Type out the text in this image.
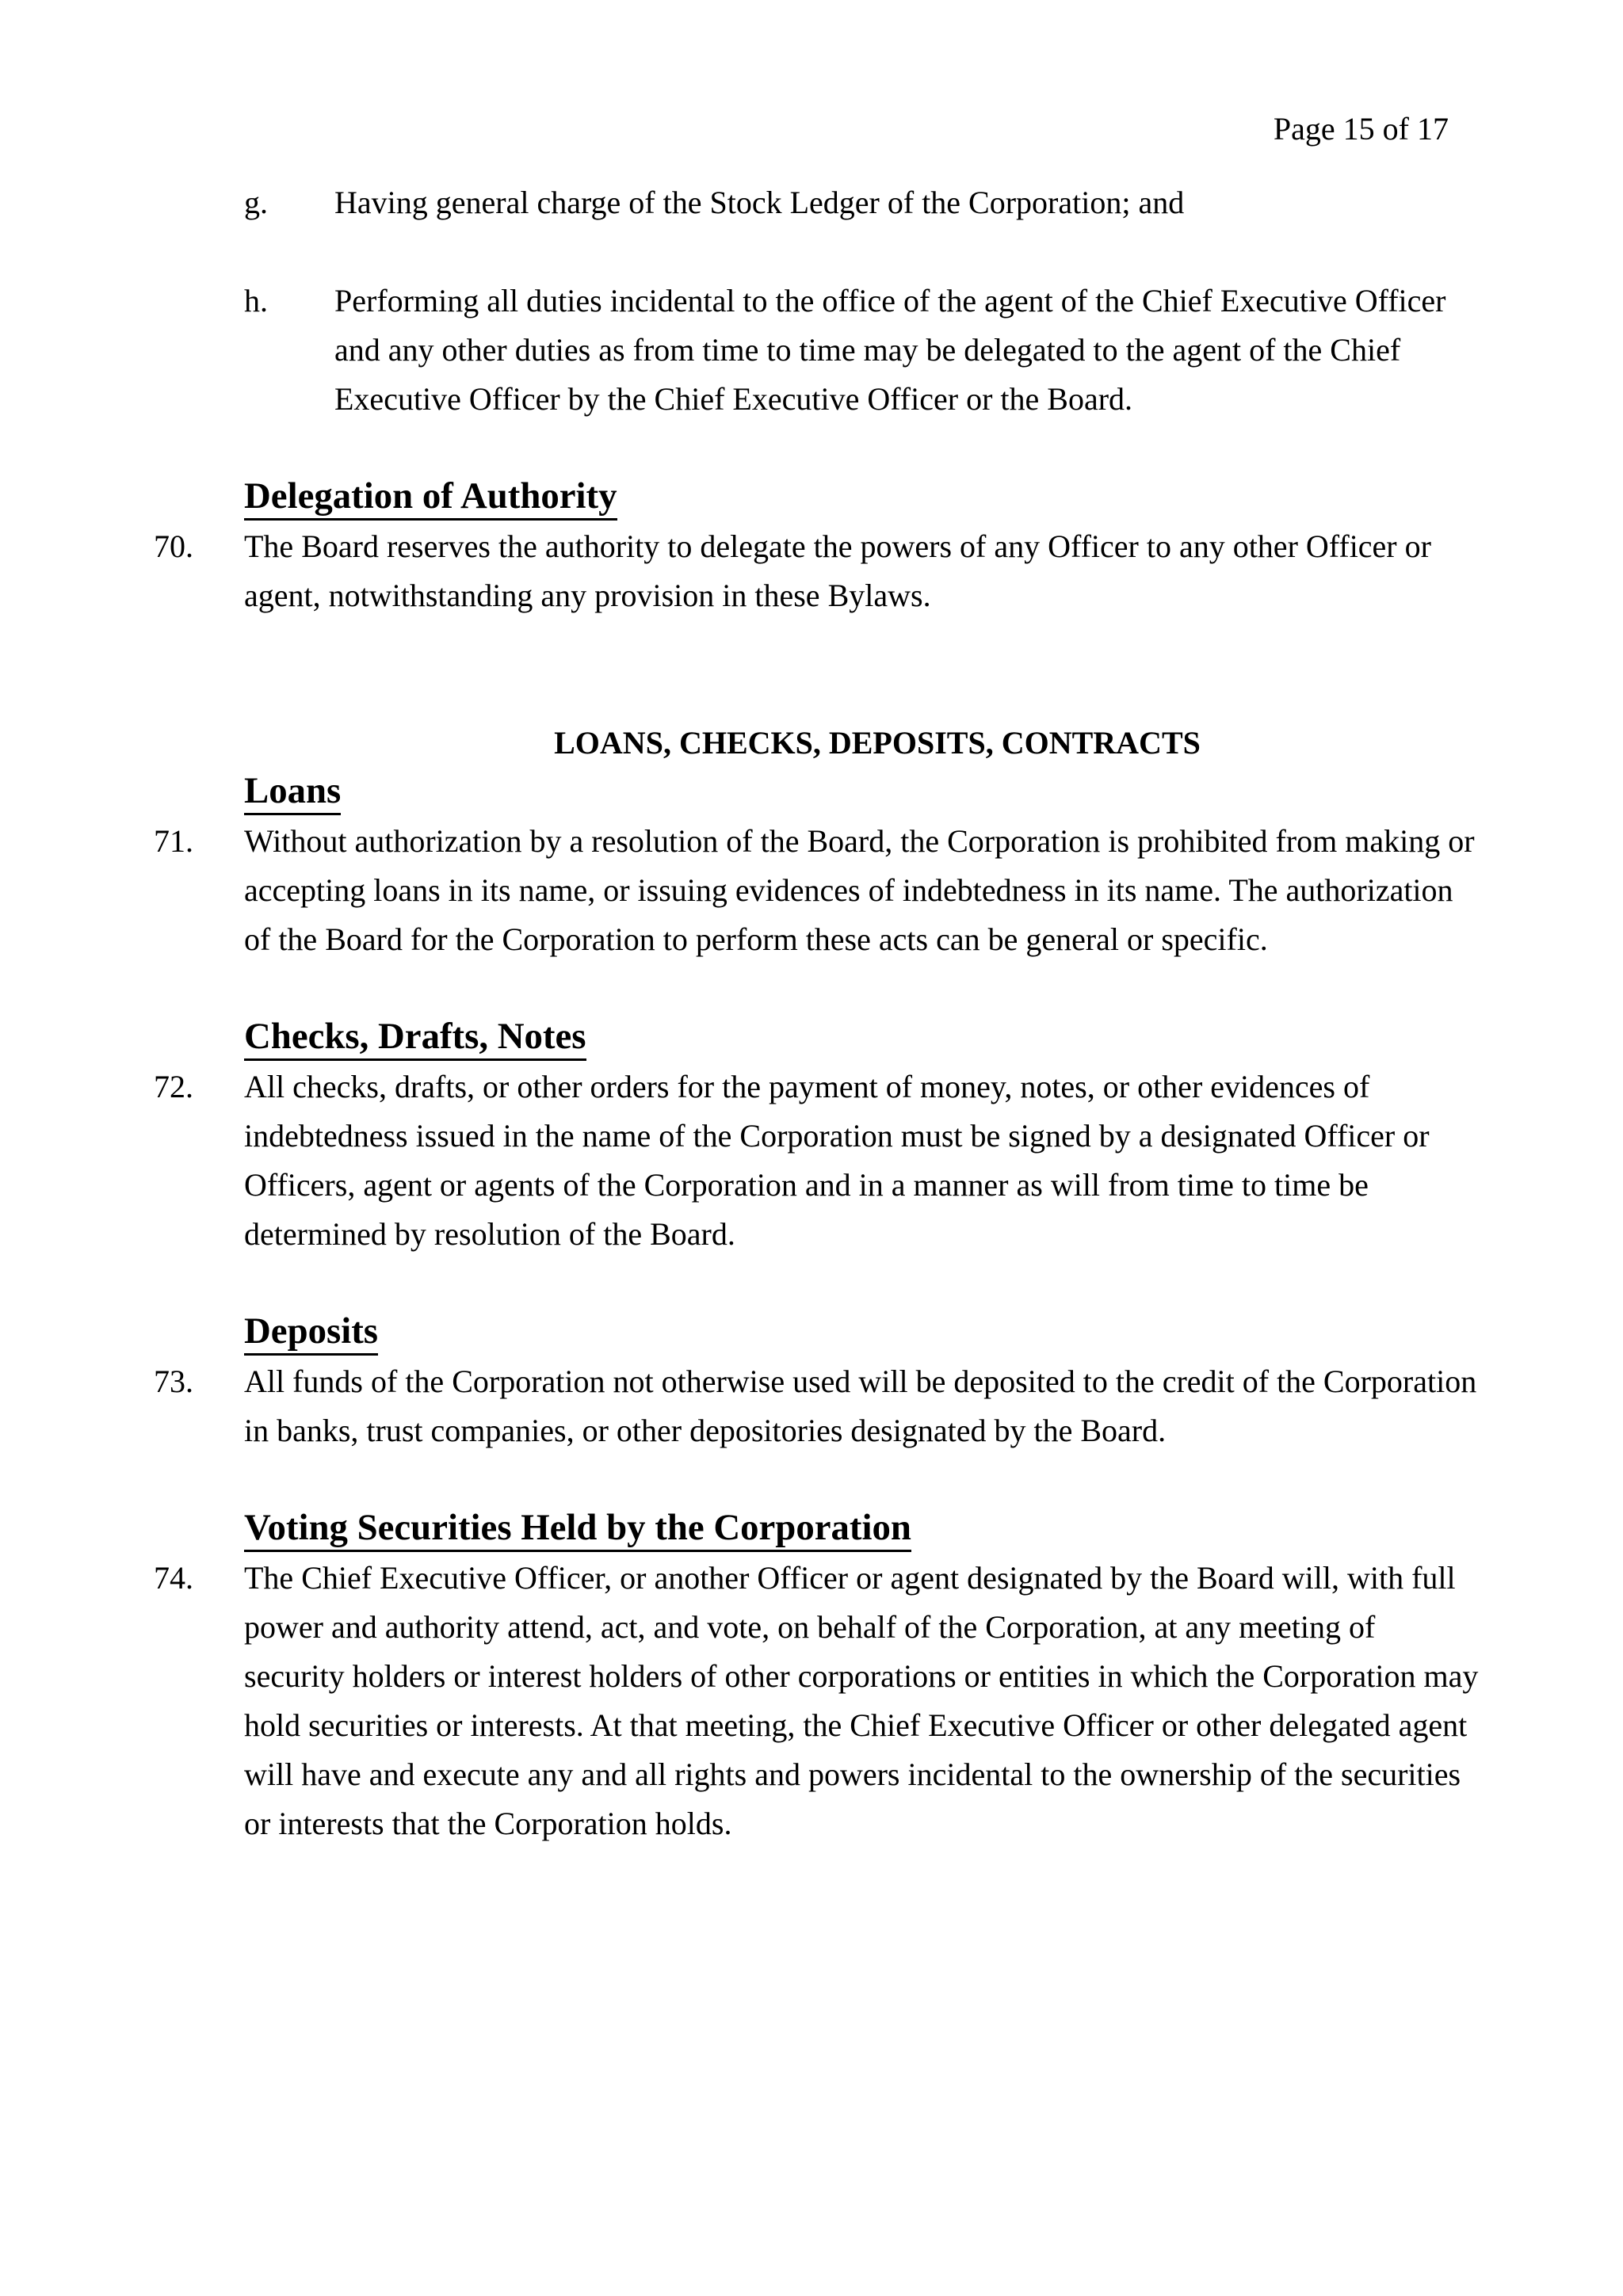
Page 15 of 17

g. Having general charge of the Stock Ledger of the Corporation; and

h. Performing all duties incidental to the office of the agent of the Chief Executive Officer and any other duties as from time to time may be delegated to the agent of the Chief Executive Officer by the Chief Executive Officer or the Board.

Delegation of Authority
70. The Board reserves the authority to delegate the powers of any Officer to any other Officer or agent, notwithstanding any provision in these Bylaws.

LOANS, CHECKS, DEPOSITS, CONTRACTS
Loans
71. Without authorization by a resolution of the Board, the Corporation is prohibited from making or accepting loans in its name, or issuing evidences of indebtedness in its name. The authorization of the Board for the Corporation to perform these acts can be general or specific.

Checks, Drafts, Notes
72. All checks, drafts, or other orders for the payment of money, notes, or other evidences of indebtedness issued in the name of the Corporation must be signed by a designated Officer or Officers, agent or agents of the Corporation and in a manner as will from time to time be determined by resolution of the Board.

Deposits
73. All funds of the Corporation not otherwise used will be deposited to the credit of the Corporation in banks, trust companies, or other depositories designated by the Board.

Voting Securities Held by the Corporation
74. The Chief Executive Officer, or another Officer or agent designated by the Board will, with full power and authority attend, act, and vote, on behalf of the Corporation, at any meeting of security holders or interest holders of other corporations or entities in which the Corporation may hold securities or interests. At that meeting, the Chief Executive Officer or other delegated agent will have and execute any and all rights and powers incidental to the ownership of the securities or interests that the Corporation holds.
